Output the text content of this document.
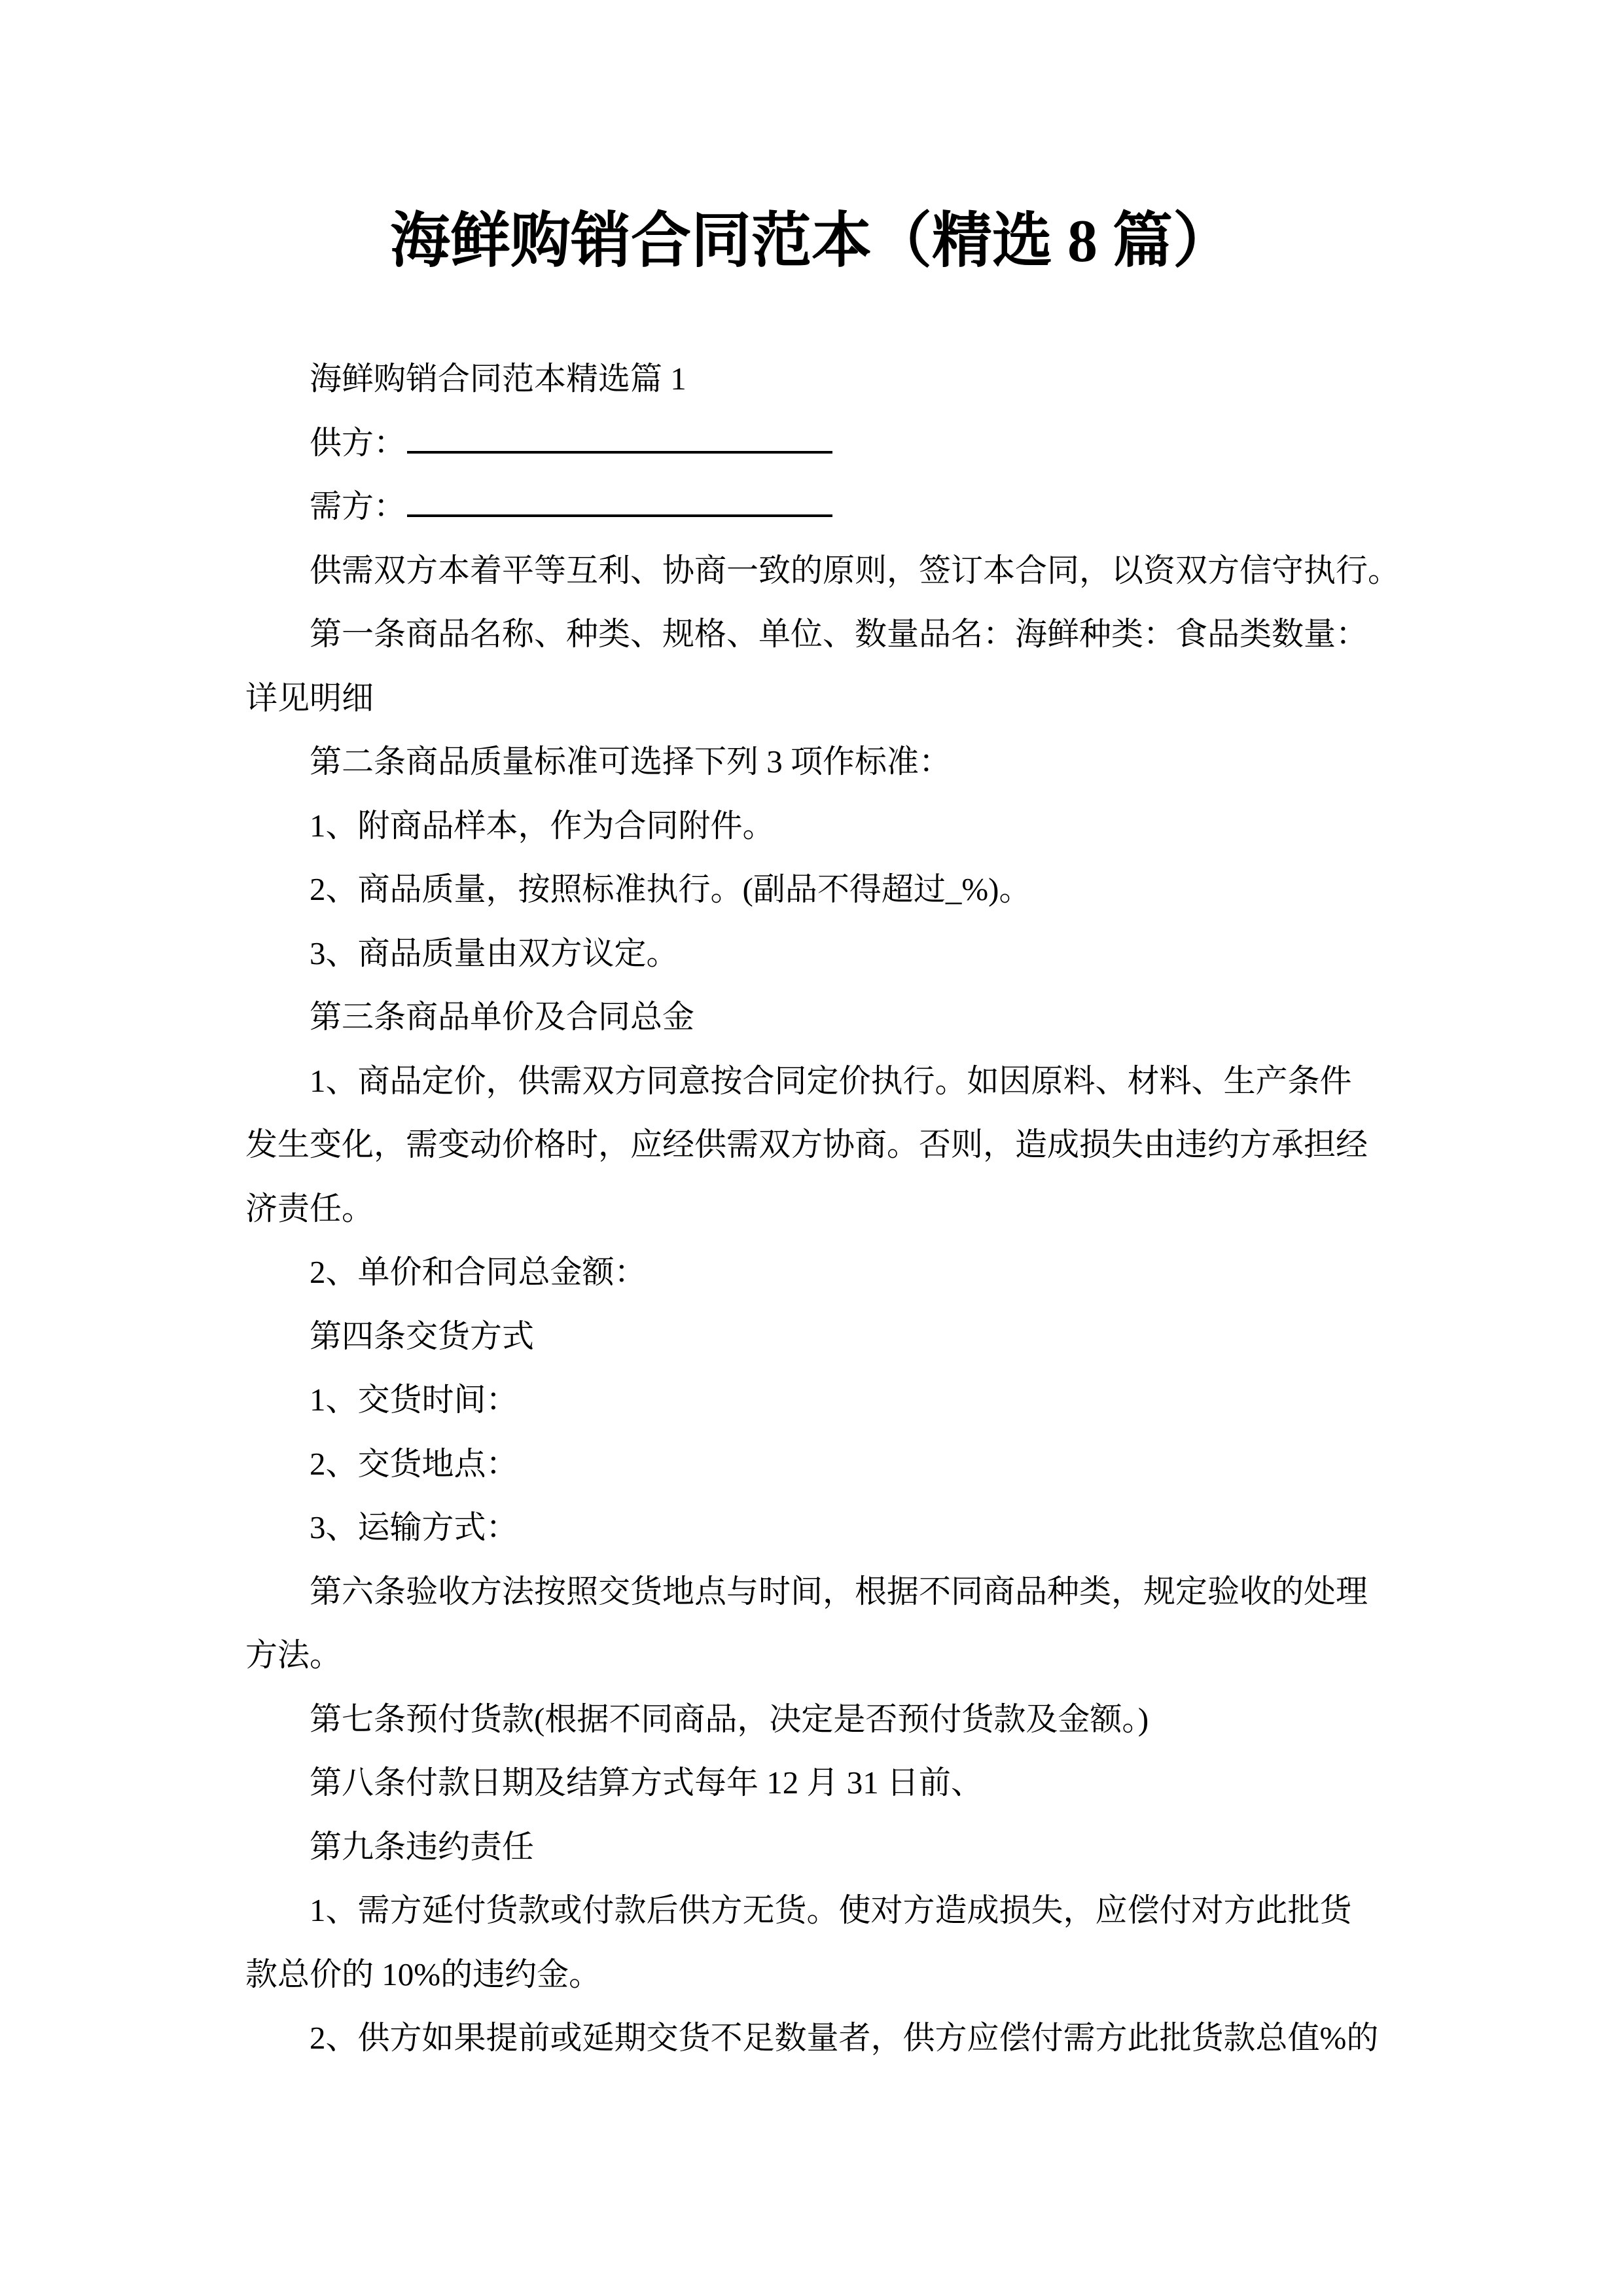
海鲜购销合同范本（精选 8 篇）
海鲜购销合同范本精选篇 1
供方：
需方：
供需双方本着平等互利、协商一致的原则，签订本合同，以资双方信守执行。
第一条商品名称、种类、规格、单位、数量品名：海鲜种类：食品类数量：
详见明细
第二条商品质量标准可选择下列 3 项作标准：
1、附商品样本，作为合同附件。
2、商品质量，按照标准执行。(副品不得超过_%)。
3、商品质量由双方议定。
第三条商品单价及合同总金
1、商品定价，供需双方同意按合同定价执行。如因原料、材料、生产条件
发生变化，需变动价格时，应经供需双方协商。否则，造成损失由违约方承担经
济责任。
2、单价和合同总金额：
第四条交货方式
1、交货时间：
2、交货地点：
3、运输方式：
第六条验收方法按照交货地点与时间，根据不同商品种类，规定验收的处理
方法。
第七条预付货款(根据不同商品，决定是否预付货款及金额。)
第八条付款日期及结算方式每年 12 月 31 日前、
第九条违约责任
1、需方延付货款或付款后供方无货。使对方造成损失，应偿付对方此批货
款总价的 10%的违约金。
2、供方如果提前或延期交货不足数量者，供方应偿付需方此批货款总值%的
